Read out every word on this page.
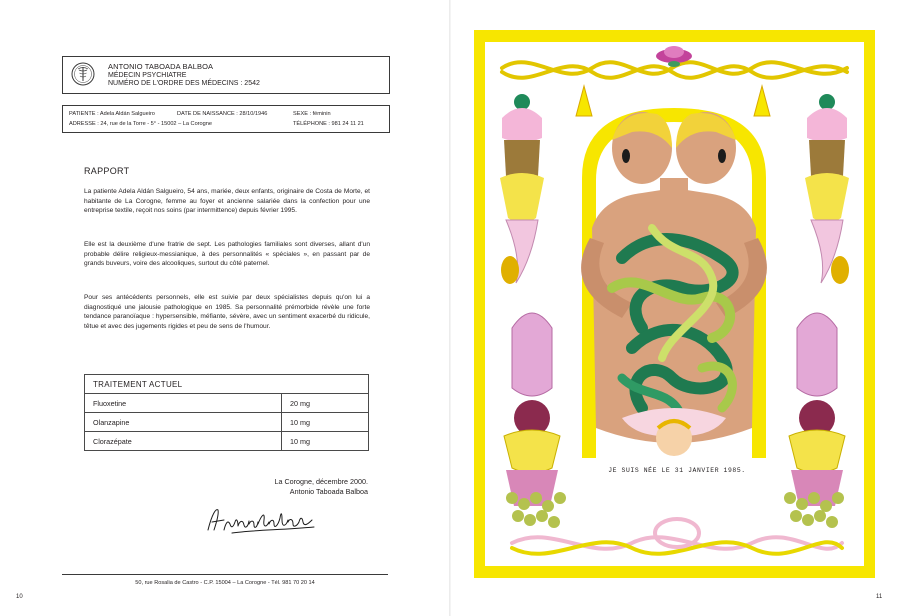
ANTONIO TABOADA BALBOA
MÉDECIN PSYCHIATRE
NUMÉRO DE L'ORDRE DES MÉDECINS : 2542
PATIENTE : Adela Aldán Salgueiro	DATE DE NAISSANCE : 28/10/1946	SEXE : féminin
ADRESSE : 24, rue de la Torre - 5° - 15002 – La Corogne	TÉLÉPHONE : 981 24 11 21
RAPPORT

La patiente Adela Aldán Salgueiro, 54 ans, mariée, deux enfants, originaire de Costa de Morte, et habitante de La Corogne, femme au foyer et ancienne salariée dans la confection pour une entreprise textile, reçoit nos soins (par intermittence) depuis février 1995.

Elle est la deuxième d'une fratrie de sept. Les pathologies familiales sont diverses, allant d'un probable délire religieux-messianique, à des personnalités « spéciales », en passant par de grands buveurs, voire des alcooliques, surtout du côté paternel.

Pour ses antécédents personnels, elle est suivie par deux spécialistes depuis qu'on lui a diagnostiqué une jalousie pathologique en 1985. Sa personnalité prémorbide révèle une forte tendance paranoïaque : hypersensible, méfiante, sévère, avec un sentiment exacerbé du ridicule, têtue et avec des jugements rigides et peu de sens de l'humour.

TRAITEMENT ACTUEL	
Fluoxetine	20 mg
Olanzapine	10 mg
Clorazépate	10 mg
La Corogne, décembre 2000.
Antonio Taboada Balboa
50, rue Rosalia de Castro - C.P. 15004 – La Corogne - Tél. 981 70 20 14
10
JE SUIS NÉE LE 31 JANVIER 1985.
11
